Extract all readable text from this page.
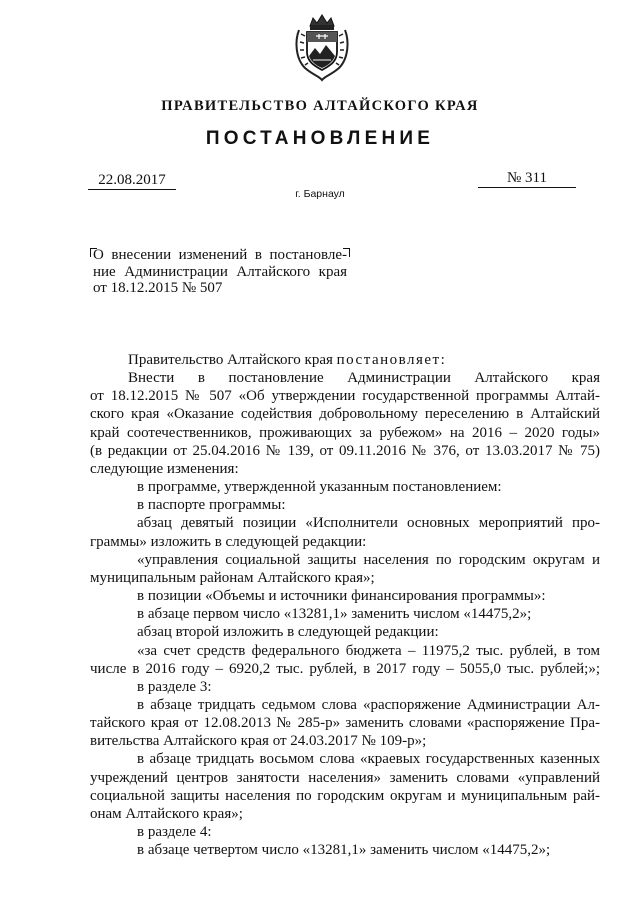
ПРАВИТЕЛЬСТВО АЛТАЙСКОГО КРАЯ
ПОСТАНОВЛЕНИЕ
22.08.2017	№ 311
г. Барнаул
О внесении изменений в постановле-
ние Администрации Алтайского края
от 18.12.2015 № 507

Правительство Алтайского края постановляет:

Внести в постановление Администрации Алтайского края

от 18.12.2015 № 507 «Об утверждении государственной программы Алтай-

ского края «Оказание содействия добровольному переселению в Алтайский

край соотечественников, проживающих за рубежом» на 2016 – 2020 годы»

(в редакции от 25.04.2016 № 139, от 09.11.2016 № 376, от 13.03.2017 № 75)

следующие изменения:

в программе, утвержденной указанным постановлением:

в паспорте программы:

абзац девятый позиции «Исполнители основных мероприятий про-

граммы» изложить в следующей редакции:

«управления социальной защиты населения по городским округам и

муниципальным районам Алтайского края»;

в позиции «Объемы и источники финансирования программы»:

в абзаце первом число «13281,1» заменить числом «14475,2»;

абзац второй изложить в следующей редакции:

«за счет средств федерального бюджета – 11975,2 тыс. рублей, в том

числе в 2016 году – 6920,2 тыс. рублей, в 2017 году – 5055,0 тыс. рублей;»;

в разделе 3:

в абзаце тридцать седьмом слова «распоряжение Администрации Ал-

тайского края от 12.08.2013 № 285-р» заменить словами «распоряжение Пра-

вительства Алтайского края от 24.03.2017 № 109-р»;

в абзаце тридцать восьмом слова «краевых государственных казенных

учреждений центров занятости населения» заменить словами «управлений

социальной защиты населения по городским округам и муниципальным рай-

онам Алтайского края»;

в разделе 4:

в абзаце четвертом число «13281,1» заменить числом «14475,2»;
